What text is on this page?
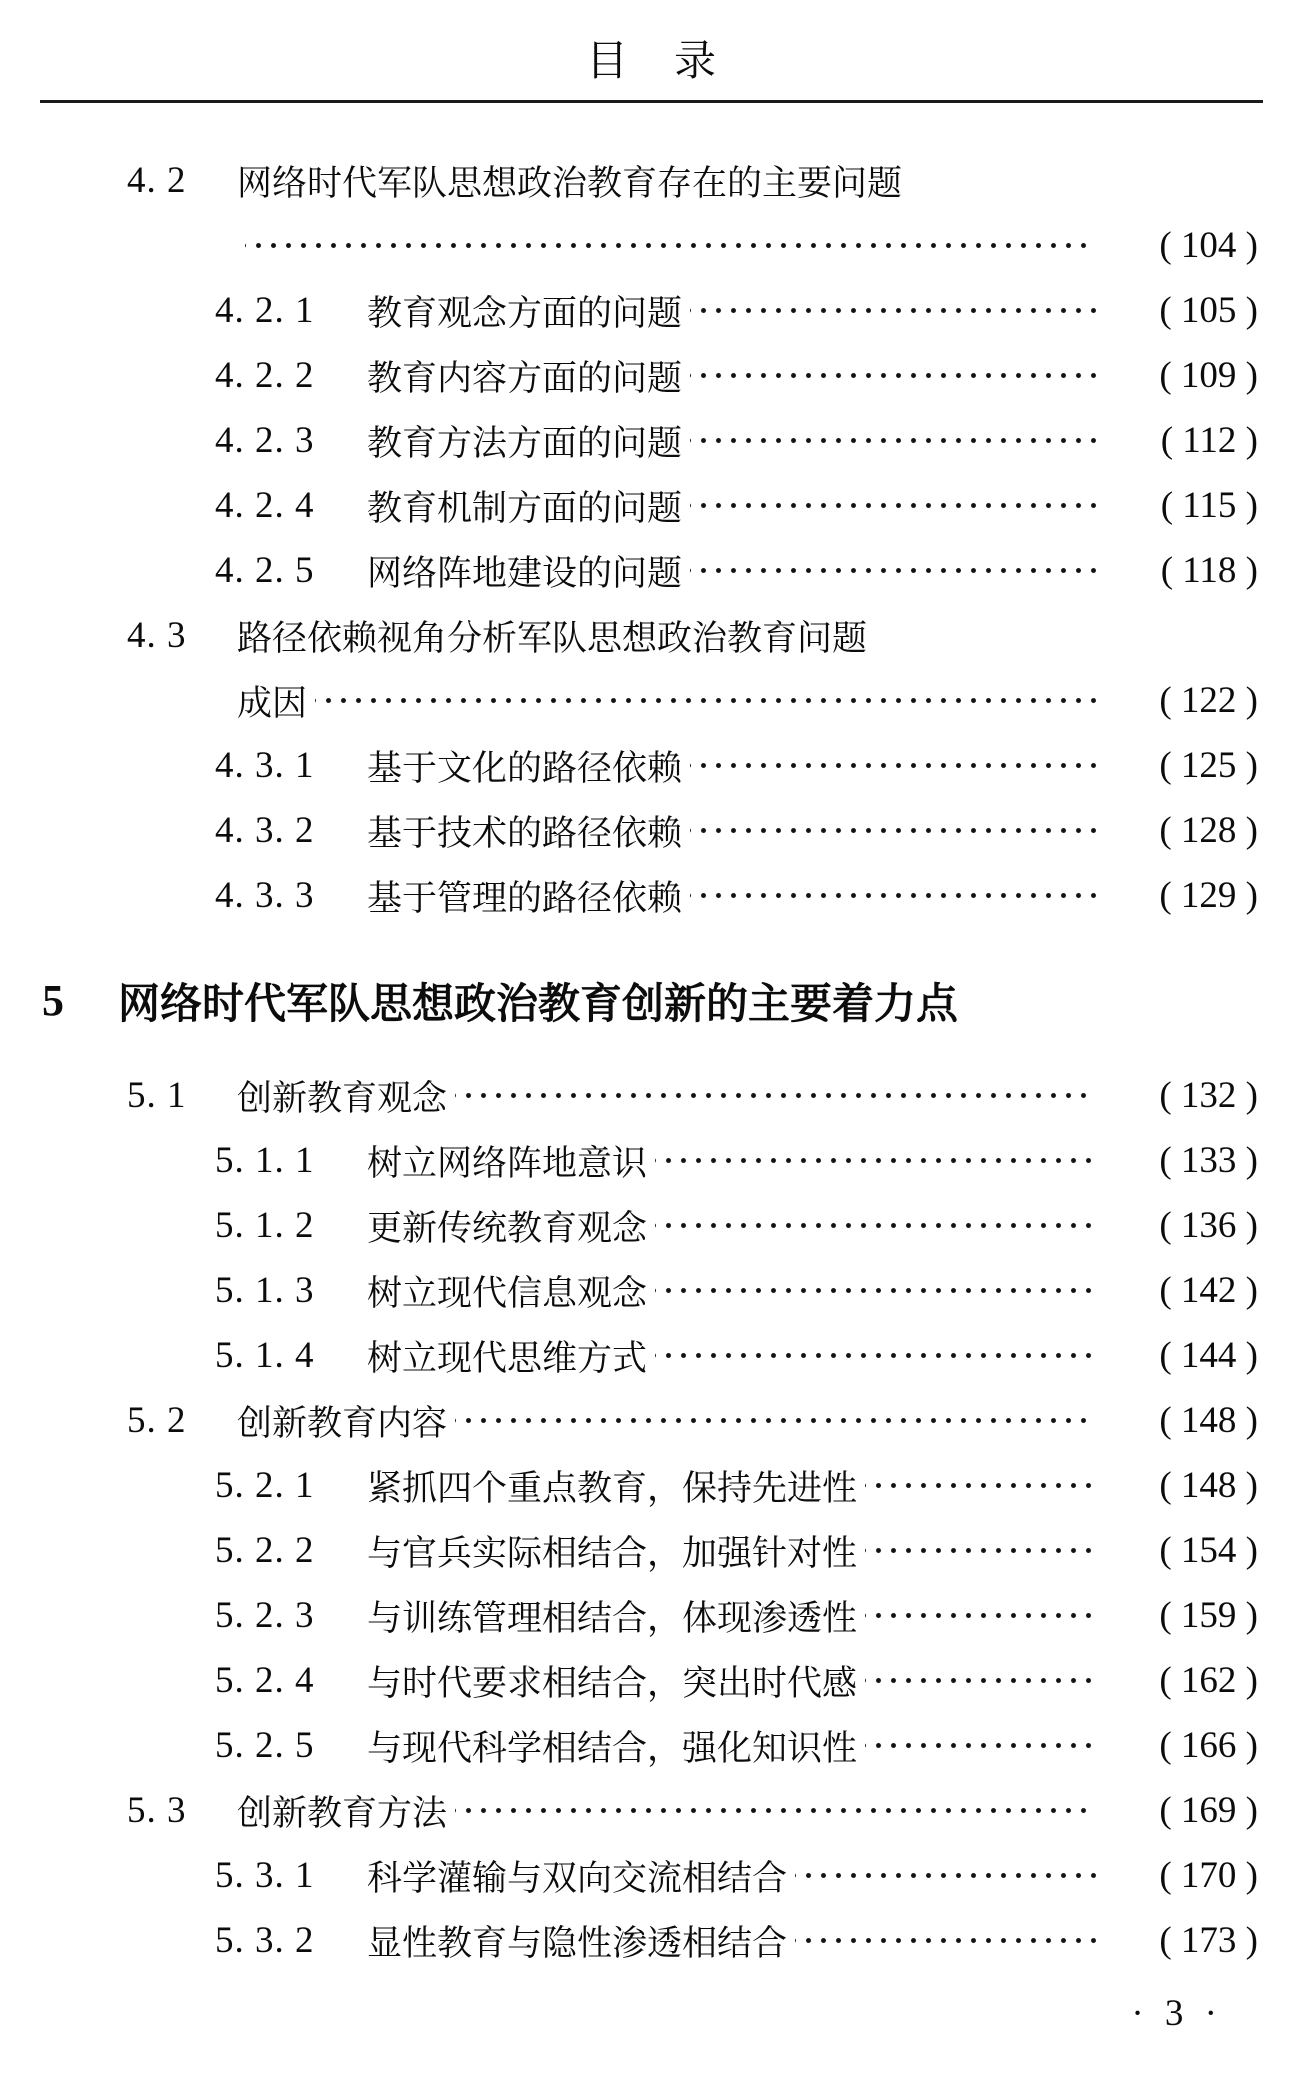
目　录
4. 2	网络时代军队思想政治教育存在的主要问题
( 104 )
4. 2. 1	教育观念方面的问题	( 105 )
4. 2. 2	教育内容方面的问题	( 109 )
4. 2. 3	教育方法方面的问题	( 112 )
4. 2. 4	教育机制方面的问题	( 115 )
4. 2. 5	网络阵地建设的问题	( 118 )
4. 3	路径依赖视角分析军队思想政治教育问题
成因	( 122 )
4. 3. 1	基于文化的路径依赖	( 125 )
4. 3. 2	基于技术的路径依赖	( 128 )
4. 3. 3	基于管理的路径依赖	( 129 )
5	网络时代军队思想政治教育创新的主要着力点
5. 1	创新教育观念	( 132 )
5. 1. 1	树立网络阵地意识	( 133 )
5. 1. 2	更新传统教育观念	( 136 )
5. 1. 3	树立现代信息观念	( 142 )
5. 1. 4	树立现代思维方式	( 144 )
5. 2	创新教育内容	( 148 )
5. 2. 1	紧抓四个重点教育，保持先进性	( 148 )
5. 2. 2	与官兵实际相结合，加强针对性	( 154 )
5. 2. 3	与训练管理相结合，体现渗透性	( 159 )
5. 2. 4	与时代要求相结合，突出时代感	( 162 )
5. 2. 5	与现代科学相结合，强化知识性	( 166 )
5. 3	创新教育方法	( 169 )
5. 3. 1	科学灌输与双向交流相结合	( 170 )
5. 3. 2	显性教育与隐性渗透相结合	( 173 )
· 3 ·
